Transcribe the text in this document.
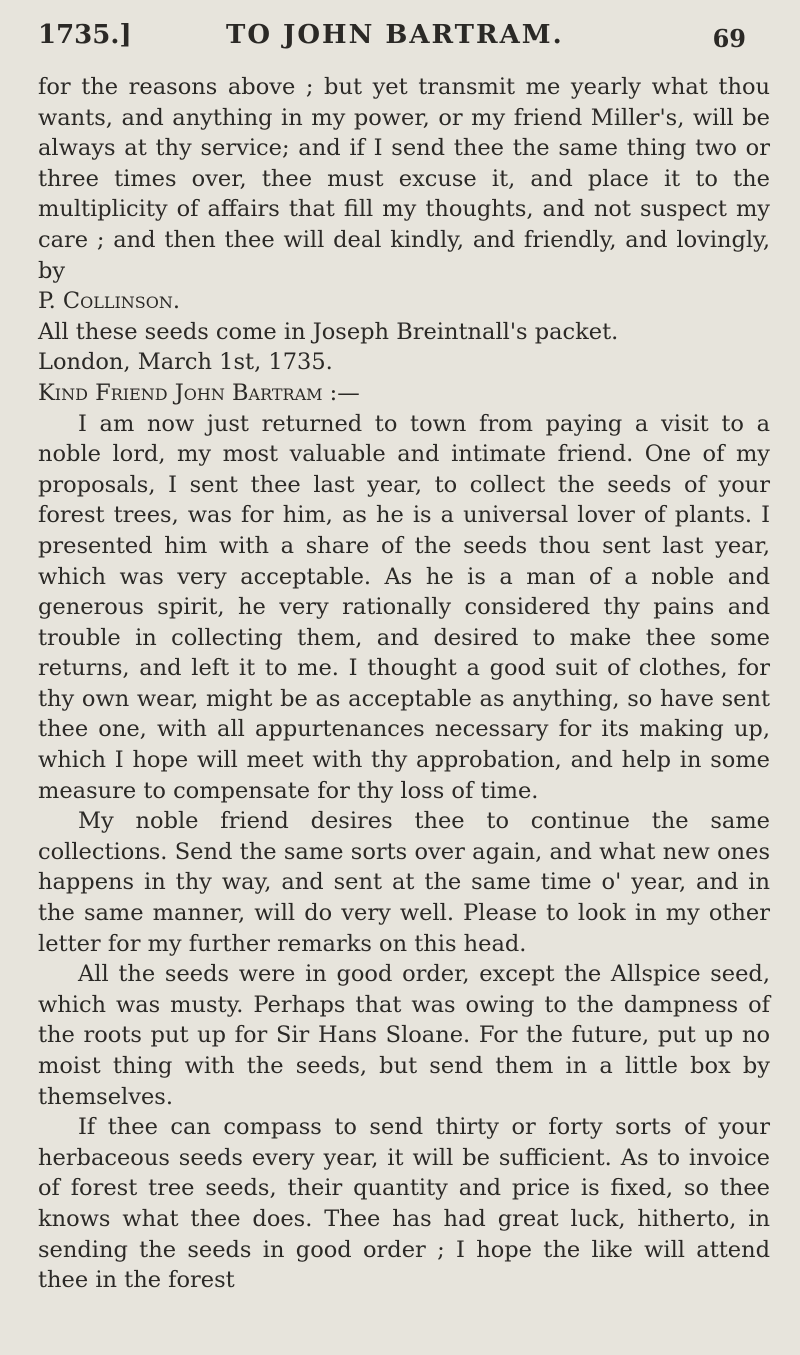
1735.]	TO JOHN BARTRAM.	69

for the reasons above ; but yet transmit me yearly what thou wants, and anything in my power, or my friend Miller's, will be always at thy service; and if I send thee the same thing two or three times over, thee must excuse it, and place it to the multiplicity of affairs that fill my thoughts, and not suspect my care ; and then thee will deal kindly, and friendly, and lovingly, by

P. Collinson.

All these seeds come in Joseph Breintnall's packet.

London, March 1st, 1735.

Kind Friend John Bartram :—

I am now just returned to town from paying a visit to a noble lord, my most valuable and intimate friend. One of my proposals, I sent thee last year, to collect the seeds of your forest trees, was for him, as he is a universal lover of plants. I presented him with a share of the seeds thou sent last year, which was very acceptable. As he is a man of a noble and generous spirit, he very rationally considered thy pains and trouble in collecting them, and desired to make thee some returns, and left it to me. I thought a good suit of clothes, for thy own wear, might be as acceptable as anything, so have sent thee one, with all appurtenances necessary for its making up, which I hope will meet with thy approbation, and help in some measure to compensate for thy loss of time.

My noble friend desires thee to continue the same collections. Send the same sorts over again, and what new ones happens in thy way, and sent at the same time o' year, and in the same manner, will do very well. Please to look in my other letter for my further remarks on this head.

All the seeds were in good order, except the Allspice seed, which was musty. Perhaps that was owing to the dampness of the roots put up for Sir Hans Sloane. For the future, put up no moist thing with the seeds, but send them in a little box by themselves.

If thee can compass to send thirty or forty sorts of your herbaceous seeds every year, it will be sufficient. As to invoice of forest tree seeds, their quantity and price is fixed, so thee knows what thee does. Thee has had great luck, hitherto, in sending the seeds in good order ; I hope the like will attend thee in the forest
